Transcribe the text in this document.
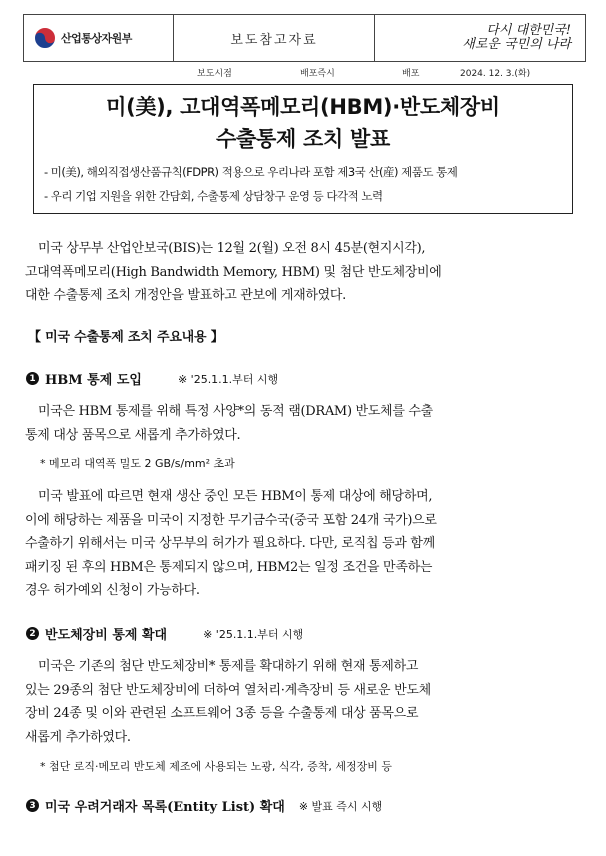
산업통상자원부	보도참고자료
다시 대한민국!
새로운 국민의 나라
보도시점	배포즉시	배포	2024. 12. 3.(화)
미(美), 고대역폭메모리(HBM)·반도체장비
수출통제 조치 발표
- 미(美), 해외직접생산품규칙(FDPR) 적용으로 우리나라 포함 제3국 산(産) 제품도 통제
- 우리 기업 지원을 위한 간담회, 수출통제 상담창구 운영 등 다각적 노력

미국 상무부 산업안보국(BIS)는 12월 2(월) 오전 8시 45분(현지시각),

고대역폭메모리(High Bandwidth Memory, HBM) 및 첨단 반도체장비에

대한 수출통제 조치 개정안을 발표하고 관보에 게재하였다.

【 미국 수출통제 조치 주요내용 】
1 HBM 통제 도입	※ '25.1.1.부터 시행

미국은 HBM 통제를 위해 특정 사양*의 동적 램(DRAM) 반도체를 수출

통제 대상 품목으로 새롭게 추가하였다.

* 메모리 대역폭 밀도 2 GB/s/mm² 초과

미국 발표에 따르면 현재 생산 중인 모든 HBM이 통제 대상에 해당하며,

이에 해당하는 제품을 미국이 지정한 무기금수국(중국 포함 24개 국가)으로

수출하기 위해서는 미국 상무부의 허가가 필요하다. 다만, 로직칩 등과 함께

패키징 된 후의 HBM은 통제되지 않으며, HBM2는 일정 조건을 만족하는

경우 허가예외 신청이 가능하다.

2 반도체장비 통제 확대	※ '25.1.1.부터 시행

미국은 기존의 첨단 반도체장비* 통제를 확대하기 위해 현재 통제하고

있는 29종의 첨단 반도체장비에 더하여 열처리·계측장비 등 새로운 반도체

장비 24종 및 이와 관련된 소프트웨어 3종 등을 수출통제 대상 품목으로

새롭게 추가하였다.

* 첨단 로직·메모리 반도체 제조에 사용되는 노광, 식각, 증착, 세정장비 등
3 미국 우려거래자 목록(Entity List) 확대 ※ 발표 즉시 시행
